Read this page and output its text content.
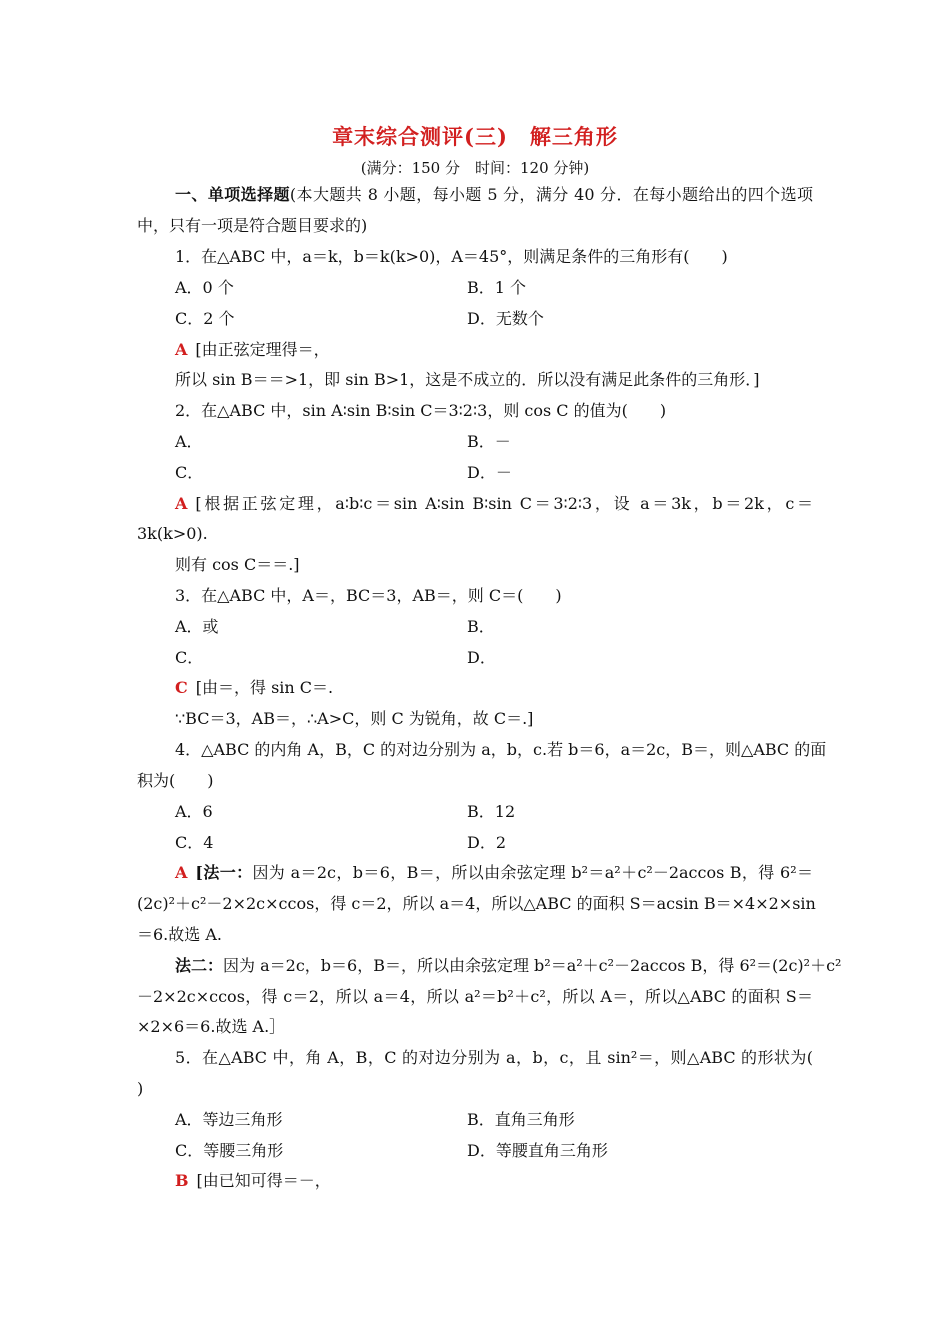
章末综合测评(三)　解三角形
(满分：150 分　时间：120 分钟)
一、单项选择题(本大题共 8 小题，每小题 5 分，满分 40 分．在每小题给出的四个选项
中，只有一项是符合题目要求的)
1．在△ABC 中，a＝k，b＝k(k>0)，A＝45°，则满足条件的三角形有(　　)
A．0 个	B．1 个
C．2 个	D．无数个
A [由正弦定理得＝，
所以 sin B＝＝>1，即 sin B>1，这是不成立的．所以没有满足此条件的三角形．]
2．在△ABC 中，sin A∶sin B∶sin C＝3∶2∶3，则 cos C 的值为(　　)
A．	B．－
C．	D．－
A [根据正弦定理，a∶b∶c＝sin A∶sin B∶sin C＝3∶2∶3，设 a＝3k，b＝2k，c＝
3k(k>0).
则有 cos C＝＝.]
3．在△ABC 中，A＝，BC＝3，AB＝，则 C＝(　　)
A．或	B．
C．	D．
C [由＝，得 sin C＝.
∵BC＝3，AB＝，∴A>C，则 C 为锐角，故 C＝.]
4．△ABC 的内角 A，B，C 的对边分别为 a，b，c.若 b＝6，a＝2c，B＝，则△ABC 的面
积为(　　)
A．6	B．12
C．4	D．2
A [法一：因为 a＝2c，b＝6，B＝，所以由余弦定理 b²＝a²＋c²－2accos B，得 6²＝
(2c)²＋c²－2×2c×ccos，得 c＝2，所以 a＝4，所以△ABC 的面积 S＝acsin B＝×4×2×sin
＝6.故选 A.
法二：因为 a＝2c，b＝6，B＝，所以由余弦定理 b²＝a²＋c²－2accos B，得 6²＝(2c)²＋c²
－2×2c×ccos，得 c＝2，所以 a＝4，所以 a²＝b²＋c²，所以 A＝，所以△ABC 的面积 S＝
×2×6＝6.故选 A.］
5．在△ABC 中，角 A，B，C 的对边分别为 a，b，c，且 sin²＝，则△ABC 的形状为(
)
A．等边三角形	B．直角三角形
C．等腰三角形	D．等腰直角三角形
B [由已知可得＝－，
